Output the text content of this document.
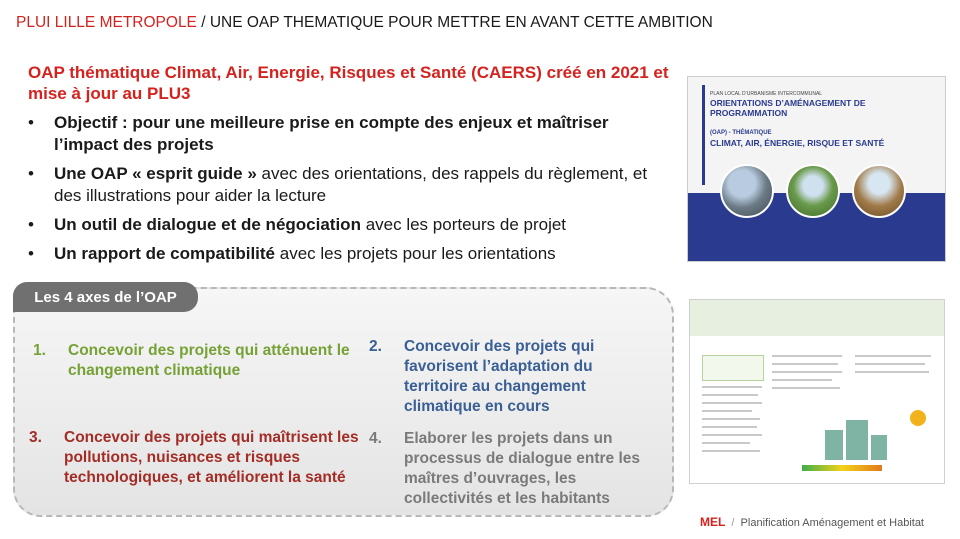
PLUI LILLE METROPOLE / UNE OAP THEMATIQUE POUR METTRE EN AVANT CETTE AMBITION
OAP thématique Climat, Air, Energie, Risques et Santé (CAERS) créé en 2021 et mise à jour au PLU3
• Objectif : pour une meilleure prise en compte des enjeux et maîtriser l’impact des projets
• Une OAP « esprit guide » avec des orientations, des rappels du règlement, et des illustrations pour aider la lecture
• Un outil de dialogue et de négociation avec les porteurs de projet
• Un rapport de compatibilité avec les projets pour les orientations
Les 4 axes de l’OAP
1. Concevoir des projets qui atténuent le changement climatique
2. Concevoir des projets qui favorisent l’adaptation du territoire au changement climatique en cours
3. Concevoir des projets qui maîtrisent les pollutions, nuisances et risques technologiques, et améliorent la santé
4. Elaborer les projets dans un processus de dialogue entre les maîtres d’ouvrages, les collectivités et les habitants
PLAN LOCAL D’URBANISME INTERCOMMUNAL
ORIENTATIONS D’AMÉNAGEMENT DE PROGRAMMATION
(OAP) - THÉMATIQUE
CLIMAT, AIR, ÉNERGIE, RISQUE ET SANTÉ
MEL / Planification Aménagement et Habitat
